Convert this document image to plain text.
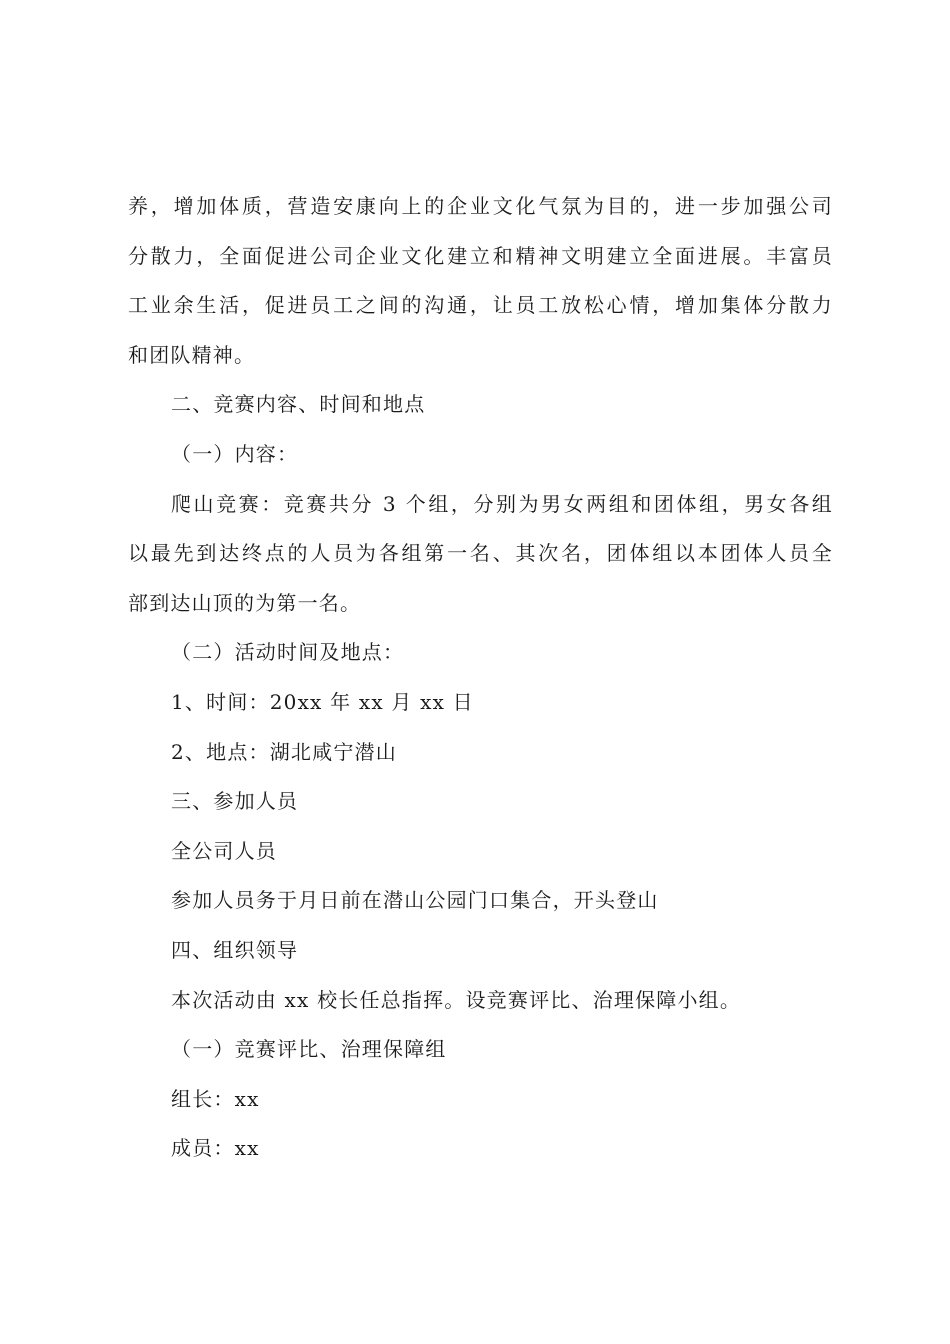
养，增加体质，营造安康向上的企业文化气氛为目的，进一步加强公司
分散力，全面促进公司企业文化建立和精神文明建立全面进展。丰富员
工业余生活，促进员工之间的沟通，让员工放松心情，增加集体分散力
和团队精神。
二、竞赛内容、时间和地点
（一）内容：
爬山竞赛：竞赛共分 3 个组，分别为男女两组和团体组，男女各组
以最先到达终点的人员为各组第一名、其次名，团体组以本团体人员全
部到达山顶的为第一名。
（二）活动时间及地点：
1、时间：20xx 年 xx 月 xx 日
2、地点：湖北咸宁潜山
三、参加人员
全公司人员
参加人员务于月日前在潜山公园门口集合，开头登山
四、组织领导
本次活动由 xx 校长任总指挥。设竞赛评比、治理保障小组。
（一）竞赛评比、治理保障组
组长：xx
成员：xx
